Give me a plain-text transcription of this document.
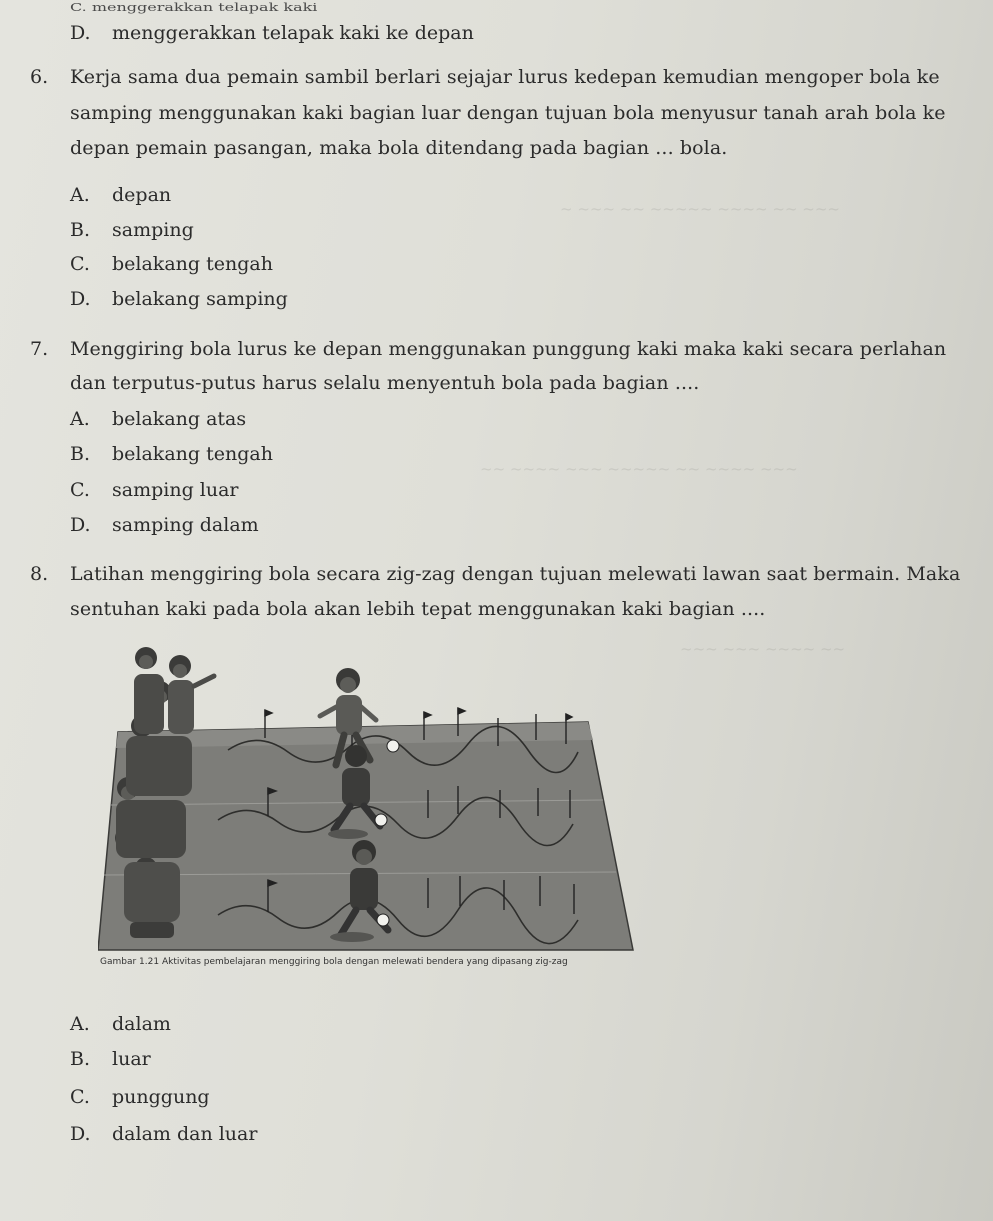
~ ~~~ ~~ ~~~~~ ~~~~ ~~ ~~~
~~ ~~~~ ~~~ ~~~~~ ~~ ~~~~ ~~~
~~~ ~~~ ~~~~ ~~
C. menggerakkan telapak kaki
D. menggerakkan telapak kaki ke depan
6. Kerja sama dua pemain sambil berlari sejajar lurus kedepan kemudian mengoper bola ke
samping menggunakan kaki bagian luar dengan tujuan bola menyusur tanah arah bola ke
depan pemain pasangan, maka bola ditendang pada bagian ... bola.
A. depan
B. samping
C. belakang tengah
D. belakang samping
7. Menggiring bola lurus ke depan menggunakan punggung kaki maka kaki secara perlahan
dan terputus-putus harus selalu menyentuh bola pada bagian ....
A. belakang atas
B. belakang tengah
C. samping luar
D. samping dalam
8. Latihan menggiring bola secara zig-zag dengan tujuan melewati lawan saat bermain. Maka
sentuhan kaki pada bola akan lebih tepat menggunakan kaki bagian ....
Gambar 1.21 Aktivitas pembelajaran menggiring bola dengan melewati bendera yang dipasang zig-zag
A. dalam
B. luar
C. punggung
D. dalam dan luar
